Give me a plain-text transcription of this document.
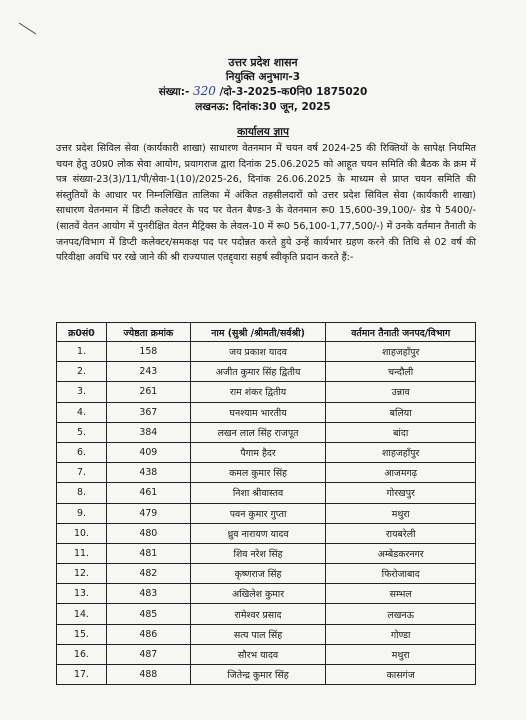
उत्तर प्रदेश शासन
नियुक्ति अनुभाग-3
संख्या:- 320 /दो-3-2025-क0नि0 1875020
लखनऊ: दिनांक:30 जून, 2025
कार्यालय ज्ञाप

उत्तर प्रदेश सिविल सेवा (कार्यकारी शाखा) साधारण वेतनमान में चयन वर्ष 2024-25 की रिक्तियों के सापेक्ष नियमित चयन हेतु उ0प्र0 लोक सेवा आयोग, प्रयागराज द्वारा दिनांक 25.06.2025 को आहूत चयन समिति की बैठक के क्रम में पत्र संख्या-23(3)/11/पी/सेवा-1(10)/2025-26, दिनांक 26.06.2025 के माध्यम से प्राप्त चयन समिति की संस्तुतियों के आधार पर निम्नलिखित तालिका में अंकित तहसीलदारों को उत्तर प्रदेश सिविल सेवा (कार्यकारी शाखा) साधारण वेतनमान में डिप्टी कलेक्टर के पद पर वेतन बैण्ड-3 के वेतनमान रू0 15,600-39,100/- ग्रेड पे 5400/- (सातवें वेतन आयोग में पुनरीक्षित वेतन मैट्रिक्स के लेवल-10 में रू0 56,100-1,77,500/-) में उनके वर्तमान तैनाती के जनपद/विभाग में डिप्टी कलेक्टर/समकक्ष पद पर पदोन्नत करते हुये उन्हें कार्यभार ग्रहण करने की तिथि से 02 वर्ष की परिवीक्षा अवधि पर रखे जाने की श्री राज्यपाल एतद्द्वारा सहर्ष स्वीकृति प्रदान करते हैं:-

क्र0सं0	ज्येष्ठता क्रमांक	नाम (सुश्री /श्रीमती/सर्वश्री)	वर्तमान तैनाती जनपद/विभाग
1.	158	जय प्रकाश यादव	शाहजहाँपुर
2.	243	अजीत कुमार सिंह द्वितीय	चन्दौली
3.	261	राम शंकर द्वितीय	उन्नाव
4.	367	घनश्याम भारतीय	बलिया
5.	384	लखन लाल सिंह राजपूत	बांदा
6.	409	पैगाम हैदर	शाहजहाँपुर
7.	438	कमल कुमार सिंह	आजमगढ़
8.	461	निशा श्रीवास्तव	गोरखपुर
9.	479	पवन कुमार गुप्ता	मथुरा
10.	480	ध्रुव नारायण यादव	रायबरेली
11.	481	शिव नरेश सिंह	अम्बेडकरनगर
12.	482	कृष्णराज सिंह	फिरोजाबाद
13.	483	अखिलेश कुमार	सम्भल
14.	485	रामेश्वर प्रसाद	लखनऊ
15.	486	सत्य पाल सिंह	गोण्डा
16.	487	सौरभ यादव	मथुरा
17.	488	जितेन्द्र कुमार सिंह	कासगंज
